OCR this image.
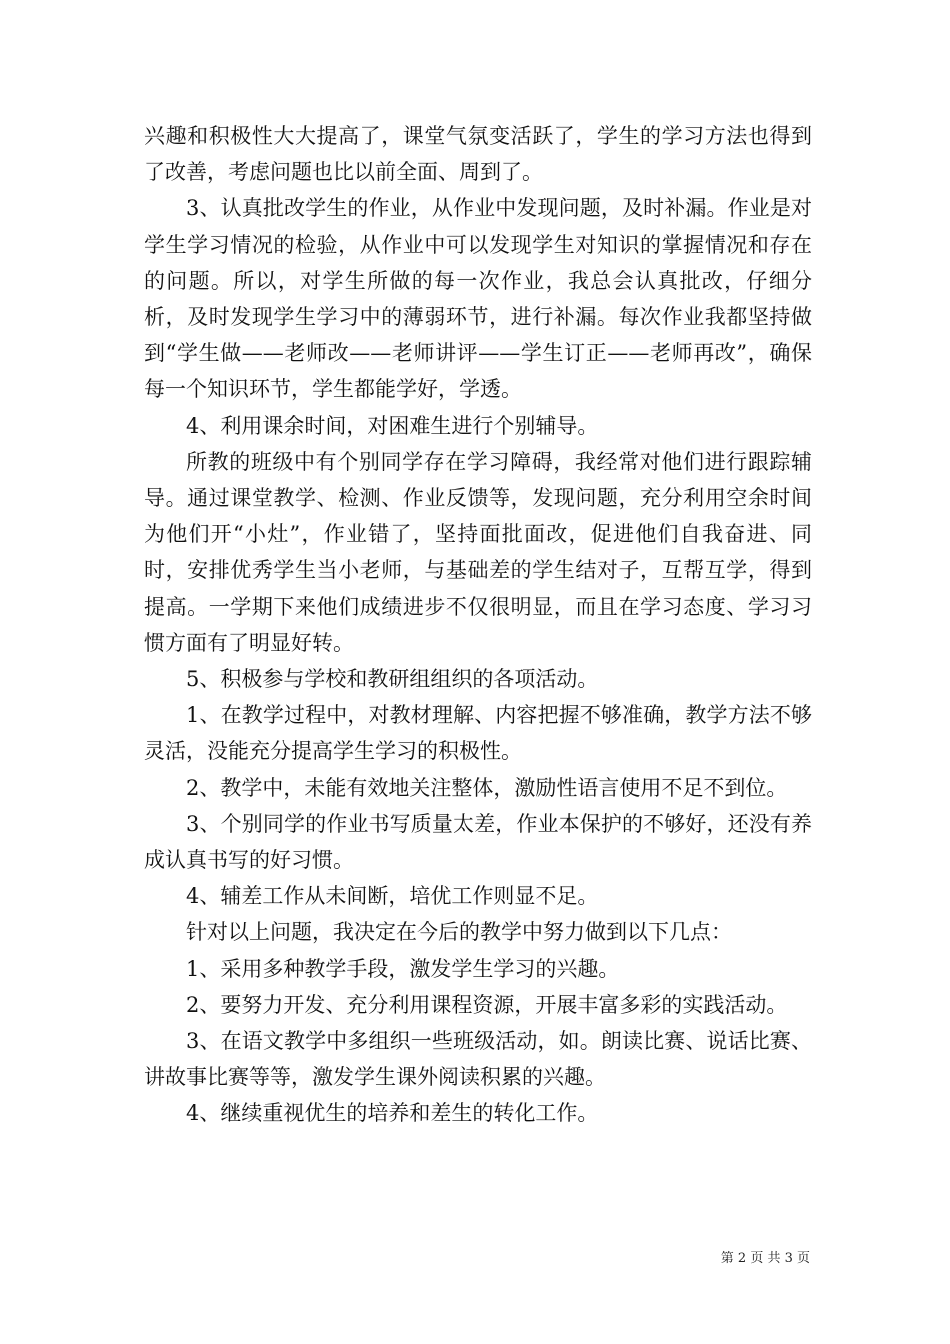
兴趣和积极性大大提高了，课堂气氛变活跃了，学生的学习方法也得到了改善，考虑问题也比以前全面、周到了。

3、认真批改学生的作业，从作业中发现问题，及时补漏。作业是对学生学习情况的检验，从作业中可以发现学生对知识的掌握情况和存在的问题。所以，对学生所做的每一次作业，我总会认真批改，仔细分析，及时发现学生学习中的薄弱环节，进行补漏。每次作业我都坚持做到“学生做——老师改——老师讲评——学生订正——老师再改”，确保每一个知识环节，学生都能学好，学透。

4、利用课余时间，对困难生进行个别辅导。

所教的班级中有个别同学存在学习障碍，我经常对他们进行跟踪辅导。通过课堂教学、检测、作业反馈等，发现问题，充分利用空余时间为他们开“小灶”，作业错了，坚持面批面改，促进他们自我奋进、同时，安排优秀学生当小老师，与基础差的学生结对子，互帮互学，得到提高。一学期下来他们成绩进步不仅很明显，而且在学习态度、学习习惯方面有了明显好转。

5、积极参与学校和教研组组织的各项活动。

1、在教学过程中，对教材理解、内容把握不够准确，教学方法不够灵活，没能充分提高学生学习的积极性。

2、教学中，未能有效地关注整体，激励性语言使用不足不到位。

3、个别同学的作业书写质量太差，作业本保护的不够好，还没有养成认真书写的好习惯。

4、辅差工作从未间断，培优工作则显不足。

针对以上问题，我决定在今后的教学中努力做到以下几点：

1、采用多种教学手段，激发学生学习的兴趣。

2、要努力开发、充分利用课程资源，开展丰富多彩的实践活动。

3、在语文教学中多组织一些班级活动，如。朗读比赛、说话比赛、讲故事比赛等等，激发学生课外阅读积累的兴趣。

4、继续重视优生的培养和差生的转化工作。

第 2 页 共 3 页
